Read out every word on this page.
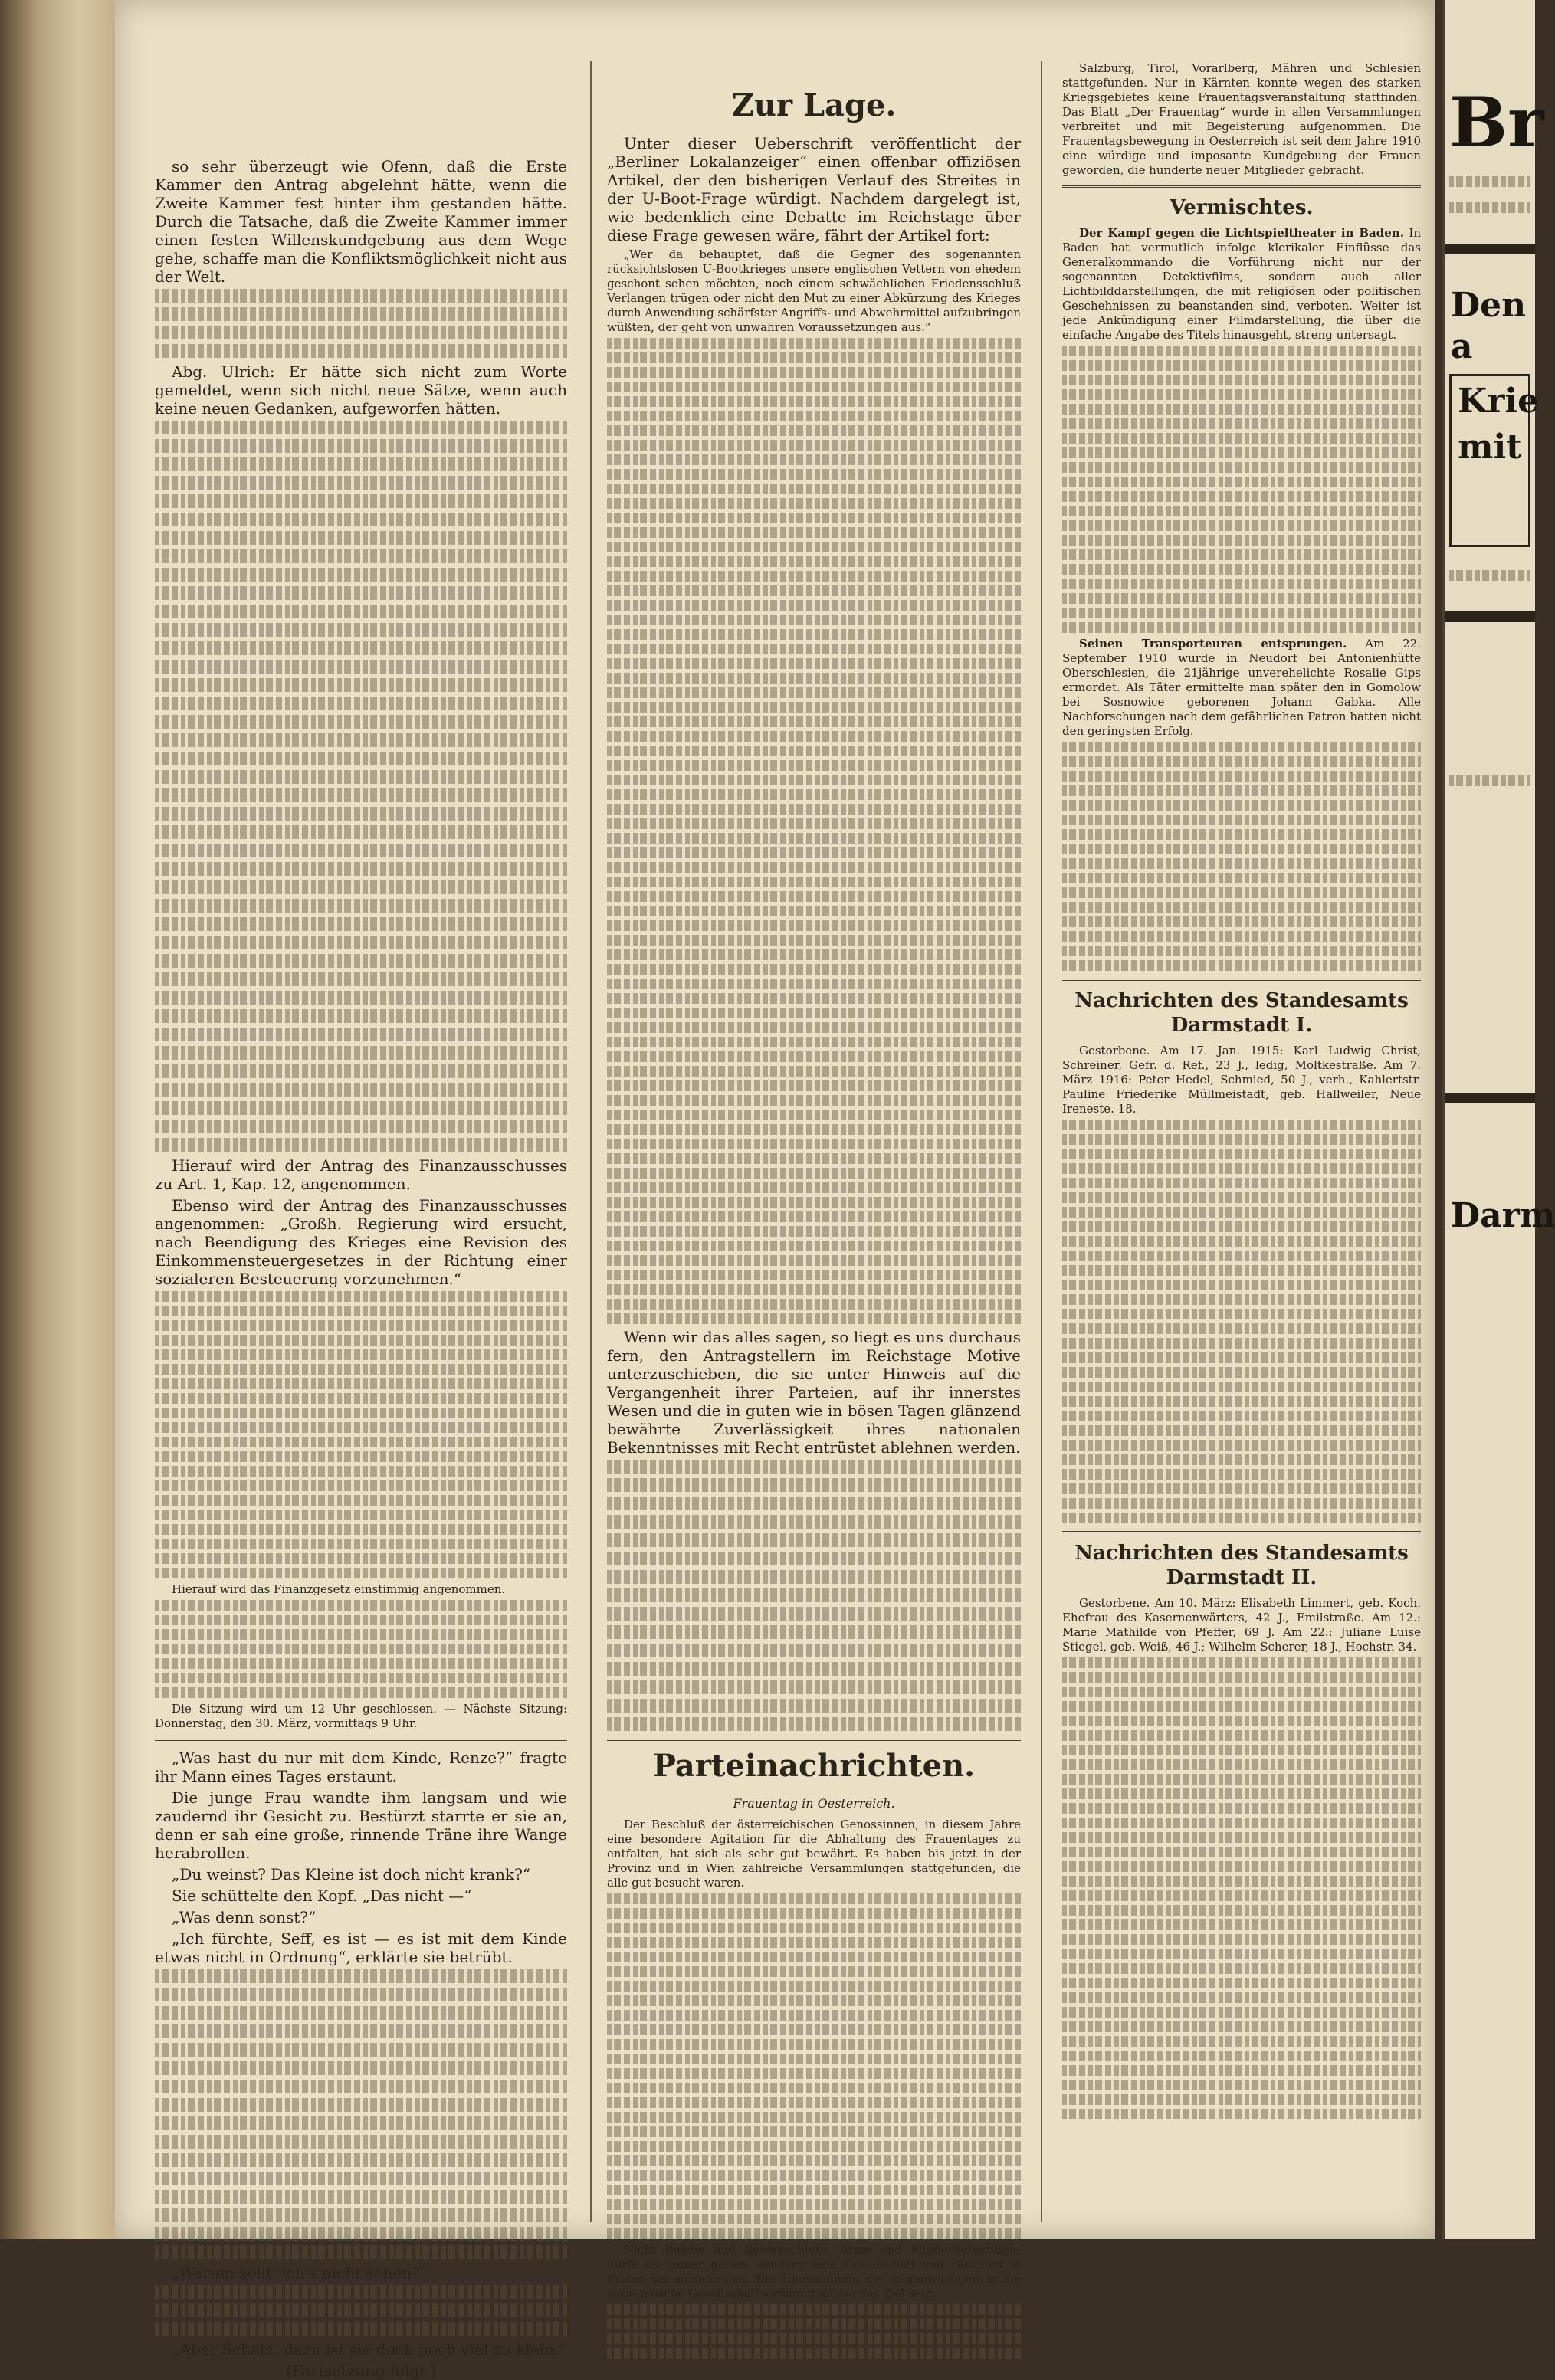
so sehr überzeugt wie Ofenn, daß die Erste Kammer den Antrag abgelehnt hätte, wenn die Zweite Kammer fest hinter ihm gestanden hätte. Durch die Tatsache, daß die Zweite Kammer immer einen festen Willenskundgebung aus dem Wege gehe, schaffe man die Konfliktsmöglichkeit nicht aus der Welt.

Abg. Ulrich: Er hätte sich nicht zum Worte gemeldet, wenn sich nicht neue Sätze, wenn auch keine neuen Gedanken, aufgeworfen hätten.

Hierauf wird der Antrag des Finanzausschusses zu Art. 1, Kap. 12, angenommen.

Ebenso wird der Antrag des Finanzausschusses angenommen: „Großh. Regierung wird ersucht, nach Beendigung des Krieges eine Revision des Einkommensteuergesetzes in der Richtung einer sozialeren Besteuerung vorzunehmen.“

Hierauf wird das Finanzgesetz einstimmig angenommen.

Die Sitzung wird um 12 Uhr geschlossen. — Nächste Sitzung: Donnerstag, den 30. März, vormittags 9 Uhr.

„Was hast du nur mit dem Kinde, Renze?“ fragte ihr Mann eines Tages erstaunt.

Die junge Frau wandte ihm langsam und wie zaudernd ihr Gesicht zu. Bestürzt starrte er sie an, denn er sah eine große, rinnende Träne ihre Wange herabrollen.

„Du weinst? Das Kleine ist doch nicht krank?“

Sie schüttelte den Kopf. „Das nicht —“

„Was denn sonst?“

„Ich fürchte, Seff, es ist — es ist mit dem Kinde etwas nicht in Ordnung“, erklärte sie betrübt.

„Warum sollt' ich's nicht sehen?“

„Aber Schatz, dazu ist sie doch noch viel zu klein.“

(Fortsetzung folgt.)
Zur Lage.

Unter dieser Ueberschrift veröffentlicht der „Berliner Lokalanzeiger“ einen offenbar offiziösen Artikel, der den bisherigen Verlauf des Streites in der U-Boot-Frage würdigt. Nachdem dargelegt ist, wie bedenklich eine Debatte im Reichstage über diese Frage gewesen wäre, fährt der Artikel fort:

„Wer da behauptet, daß die Gegner des sogenannten rücksichtslosen U-Bootkrieges unsere englischen Vettern von ehedem geschont sehen möchten, noch einem schwächlichen Friedensschluß Verlangen trügen oder nicht den Mut zu einer Abkürzung des Krieges durch Anwendung schärfster Angriffs- und Abwehrmittel aufzubringen wüßten, der geht von unwahren Voraussetzungen aus.“

Wenn wir das alles sagen, so liegt es uns durchaus fern, den Antragstellern im Reichstage Motive unterzuschieben, die sie unter Hinweis auf die Vergangenheit ihrer Parteien, auf ihr innerstes Wesen und die in guten wie in bösen Tagen glänzend bewährte Zuverlässigkeit ihres nationalen Bekenntnisses mit Recht entrüstet ablehnen werden.

Parteinachrichten.
Frauentag in Oesterreich.

Der Beschluß der österreichischen Genossinnen, in diesem Jahre eine besondere Agitation für die Abhaltung des Frauentages zu entfalten, hat sich als sehr gut bewährt. Es haben bis jetzt in der Provinz und in Wien zahlreiche Versammlungen stattgefunden, die alle gut besucht waren.

Nicht Reiche und Bevorrechtete, Arme und Minderberechtigte dürfe es immer geben, sondern eine Gesellschaft von Gleichen in Freien sei anzustreben. Die Umwandlung der gegenwärtigen in die sozialistische Gesellschaftsordnung müsse das Ziel sein.

Salzburg, Tirol, Vorarlberg, Mähren und Schlesien stattgefunden. Nur in Kärnten konnte wegen des starken Kriegsgebietes keine Frauentagsveranstaltung stattfinden. Das Blatt „Der Frauentag“ wurde in allen Versammlungen verbreitet und mit Begeisterung aufgenommen. Die Frauentagsbewegung in Oesterreich ist seit dem Jahre 1910 eine würdige und imposante Kundgebung der Frauen geworden, die hunderte neuer Mitglieder gebracht.

Vermischtes.

Der Kampf gegen die Lichtspieltheater in Baden. In Baden hat vermutlich infolge klerikaler Einflüsse das Generalkommando die Vorführung nicht nur der sogenannten Detektivfilms, sondern auch aller Lichtbilddarstellungen, die mit religiösen oder politischen Geschehnissen zu beanstanden sind, verboten. Weiter ist jede Ankündigung einer Filmdarstellung, die über die einfache Angabe des Titels hinausgeht, streng untersagt.

Seinen Transporteuren entsprungen. Am 22. September 1910 wurde in Neudorf bei Antonienhütte Oberschlesien, die 21jährige unverehelichte Rosalie Gips ermordet. Als Täter ermittelte man später den in Gomolow bei Sosnowice geborenen Johann Gabka. Alle Nachforschungen nach dem gefährlichen Patron hatten nicht den geringsten Erfolg.

Nachrichten des Standesamts Darmstadt I.

Gestorbene. Am 17. Jan. 1915: Karl Ludwig Christ, Schreiner, Gefr. d. Ref., 23 J., ledig, Moltkestraße. Am 7. März 1916: Peter Hedel, Schmied, 50 J., verh., Kahlertstr. Pauline Friederike Müllmeistadt, geb. Hallweiler, Neue Ireneste. 18.

Nachrichten des Standesamts Darmstadt II.

Gestorbene. Am 10. März: Elisabeth Limmert, geb. Koch, Ehefrau des Kasernenwärters, 42 J., Emilstraße. Am 12.: Marie Mathilde von Pfeffer, 69 J. Am 22.: Juliane Luise Stiegel, geb. Weiß, 46 J.; Wilhelm Scherer, 18 J., Hochstr. 34.

Br
Den a
Krie
mit
Darm
